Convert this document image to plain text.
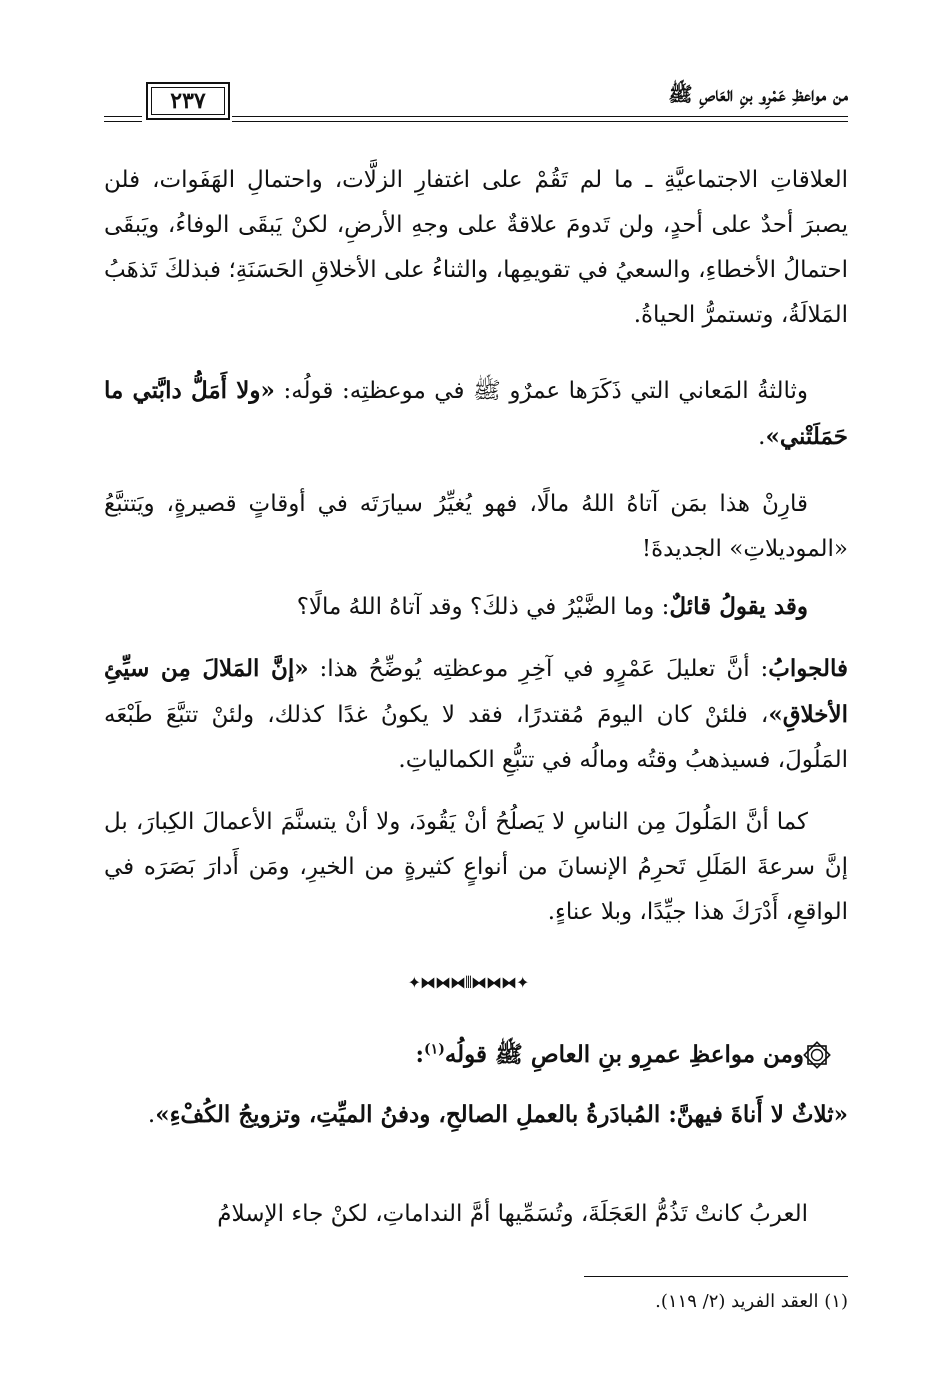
من مواعظِ عَمْرِو بنِ العَاصِ ﷺ
٢٣٧
العلاقاتِ الاجتماعيَّةِ ـ ما لم تَقُمْ على اغتفارِ الزلَّات، واحتمالِ الهَفَوات، فلن يصبرَ أحدٌ على أحدٍ، ولن تَدومَ علاقةٌ على وجهِ الأرضِ، لكنْ يَبقَى الوفاءُ، ويَبقَى احتمالُ الأخطاءِ، والسعيُ في تقويمِها، والثناءُ على الأخلاقِ الحَسَنَةِ؛ فبذلكَ تَذهَبُ المَلالَةُ، وتستمرُّ الحياةُ.
وثالثةُ المَعاني التي ذَكَرَها عمرٌو ﷺ في موعظتِه: قولُه: «ولا أَمَلُّ دابَّتي ما حَمَلَتْني».
قارِنْ هذا بمَن آتاهُ اللهُ مالًا، فهو يُغيِّرُ سيارَتَه في أوقاتٍ قصيرةٍ، ويَتتبَّعُ «الموديلاتِ» الجديدةَ!
وقد يقولُ قائلٌ: وما الضَّيْرُ في ذلكَ؟ وقد آتاهُ اللهُ مالًا؟
فالجوابُ: أنَّ تعليلَ عَمْرٍو في آخِرِ موعظتِه يُوضِّحُ هذا: «إنَّ المَلالَ مِن سيِّئِ الأخلاقِ»، فلئنْ كان اليومَ مُقتدرًا، فقد لا يكونُ غدًا كذلك، ولئنْ تتبَّعَ طَبْعَه المَلُولَ، فسيذهبُ وقتُه ومالُه في تتبُّعِ الكمالياتِ.
كما أنَّ المَلُولَ مِن الناسِ لا يَصلُحُ أنْ يَقُودَ، ولا أنْ يتسنَّمَ الأعمالَ الكِبارَ، بل إنَّ سرعةَ المَلَلِ تَحرِمُ الإنسانَ من أنواعٍ كثيرةٍ من الخيرِ، ومَن أَدارَ بَصَرَه في الواقعِ، أَدْرَكَ هذا جيِّدًا، وبلا عناءٍ.
✦⧓⧓⧓⦀⧓⧓⧓✦
ومن مواعظِ عمرِو بنِ العاصِ ﷺ قولُه$^{(١)}$:
«ثلاثٌ لا أَناةَ فيهنَّ: المُبادَرةُ بالعملِ الصالحِ، ودفنُ الميِّتِ، وتزويجُ الكُفْءِ».
العربُ كانتْ تَذُمُّ العَجَلَةَ، وتُسَمِّيها أمَّ النداماتِ، لكنْ جاء الإسلامُ
(١) العقد الفريد (٢/ ١١٩).
